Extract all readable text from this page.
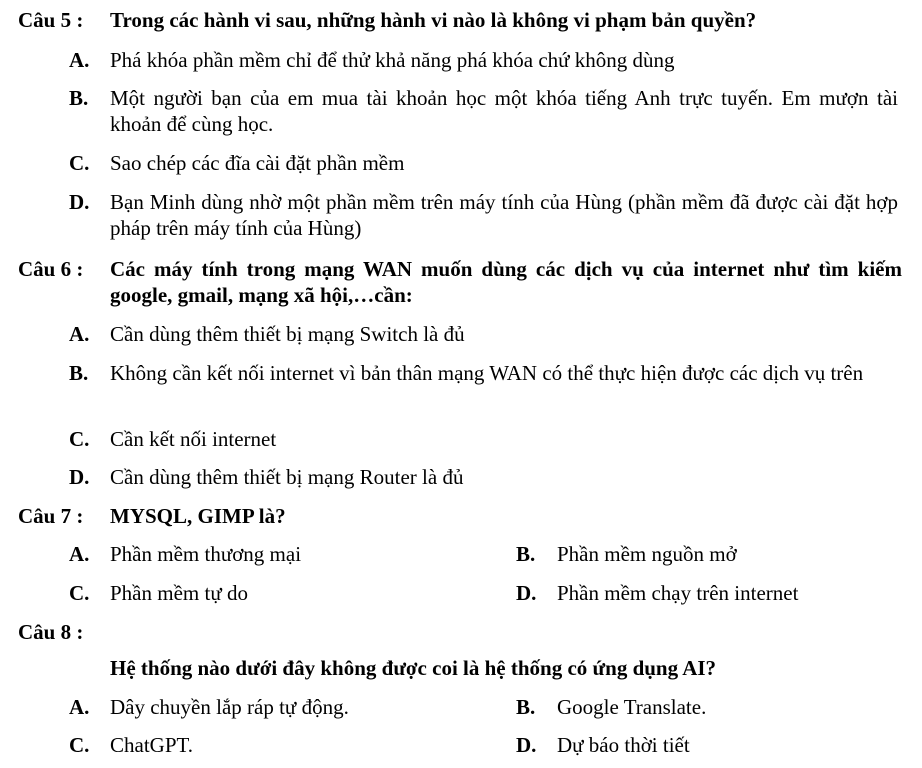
Câu 5 : Trong các hành vi sau, những hành vi nào là không vi phạm bản quyền?
A. Phá khóa phần mềm chỉ để thử khả năng phá khóa chứ không dùng
B. Một người bạn của em mua tài khoản học một khóa tiếng Anh trực tuyến. Em mượn tài khoản để cùng học.
C. Sao chép các đĩa cài đặt phần mềm
D. Bạn Minh dùng nhờ một phần mềm trên máy tính của Hùng (phần mềm đã được cài đặt hợp pháp trên máy tính của Hùng)
Câu 6 : Các máy tính trong mạng WAN muốn dùng các dịch vụ của internet như tìm kiếm google, gmail, mạng xã hội,…cần:
A. Cần dùng thêm thiết bị mạng Switch là đủ
B. Không cần kết nối internet vì bản thân mạng WAN có thể thực hiện được các dịch vụ trên
C. Cần kết nối internet
D. Cần dùng thêm thiết bị mạng Router là đủ
Câu 7 : MYSQL, GIMP là?
A. Phần mềm thương mại	B. Phần mềm nguồn mở
C. Phần mềm tự do	D. Phần mềm chạy trên internet
Câu 8 :
Hệ thống nào dưới đây không được coi là hệ thống có ứng dụng AI?
A. Dây chuyền lắp ráp tự động.	B. Google Translate.
C. ChatGPT.	D. Dự báo thời tiết
